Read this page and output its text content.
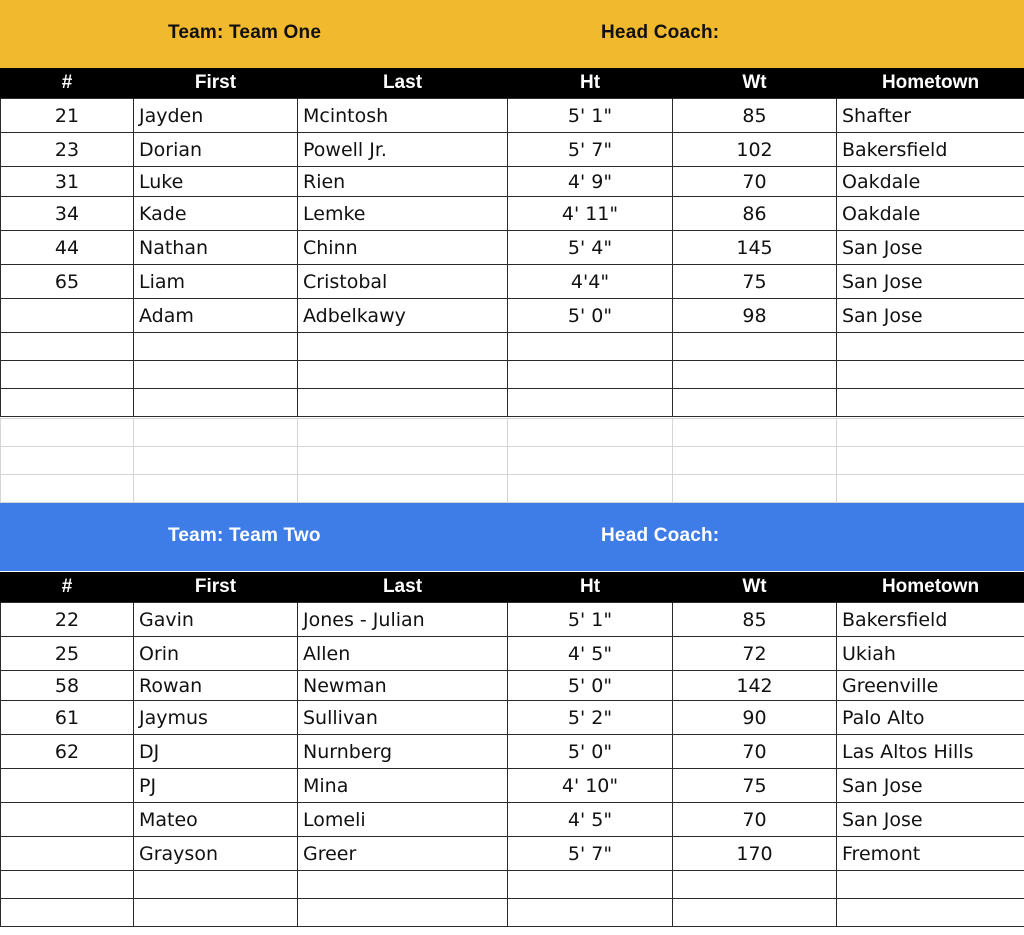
Team: Team One	Head Coach:
#	First	Last	Ht	Wt	Hometown
21	Jayden	Mcintosh	5' 1"	85	Shafter
23	Dorian	Powell Jr.	5' 7"	102	Bakersfield
31	Luke	Rien	4' 9"	70	Oakdale
34	Kade	Lemke	4' 11"	86	Oakdale
44	Nathan	Chinn	5' 4"	145	San Jose
65	Liam	Cristobal	4'4"	75	San Jose
	Adam	Adbelkawy	5' 0"	98	San Jose

Team: Team Two	Head Coach:
#	First	Last	Ht	Wt	Hometown
22	Gavin	Jones - Julian	5' 1"	85	Bakersfield
25	Orin	Allen	4' 5"	72	Ukiah
58	Rowan	Newman	5' 0"	142	Greenville
61	Jaymus	Sullivan	5' 2"	90	Palo Alto
62	DJ	Nurnberg	5' 0"	70	Las Altos Hills
	PJ	Mina	4' 10"	75	San Jose
	Mateo	Lomeli	4' 5"	70	San Jose
	Grayson	Greer	5' 7"	170	Fremont
